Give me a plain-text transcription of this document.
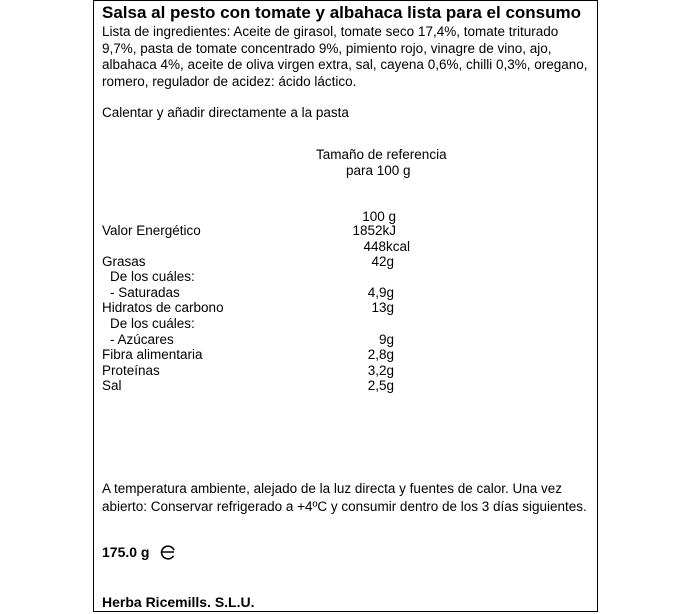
Salsa al pesto con tomate y albahaca lista para el consumo
Lista de ingredientes: Aceite de girasol, tomate seco 17,4%, tomate triturado 9,7%, pasta de tomate concentrado 9%, pimiento rojo, vinagre de vino, ajo, albahaca 4%, aceite de oliva virgen extra, sal, cayena 0,6%, chilli 0,3%, oregano, romero, regulador de acidez: ácido láctico.
Calentar y añadir directamente a la pasta
Tamaño de referencia
para 100 g
100 g
Valor Energético	1852kJ
448kcal
Grasas	42g
De los cuáles:
- Saturadas	4,9g
Hidratos de carbono	13g
De los cuáles:
- Azúcares	9g
Fibra alimentaria	2,8g
Proteínas	3,2g
Sal	2,5g
A temperatura ambiente, alejado de la luz directa y fuentes de calor. Una vez abierto: Conservar refrigerado a +4ºC y consumir dentro de los 3 días siguientes.
175.0 g
Herba Ricemills. S.L.U.
